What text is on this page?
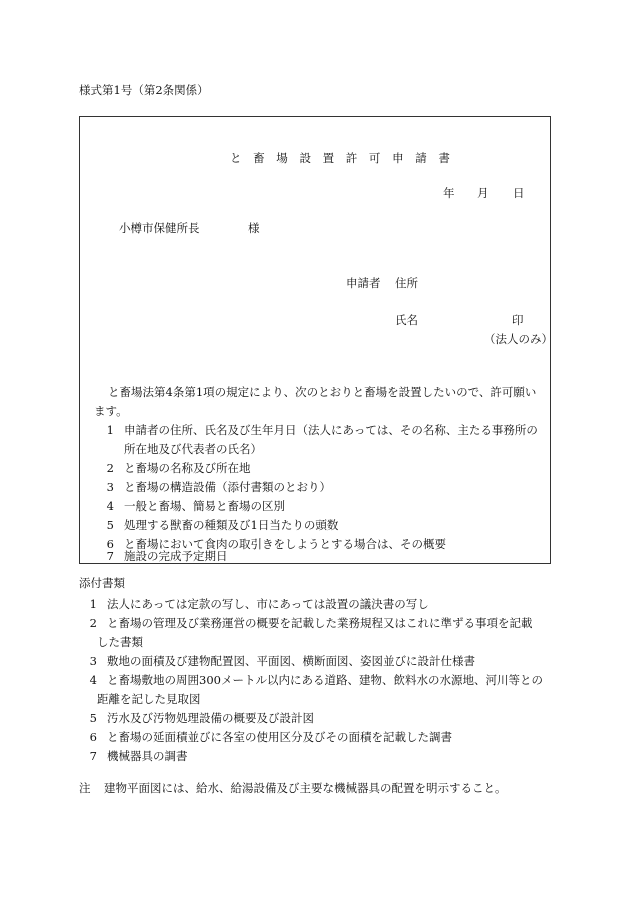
様式第1号（第2条関係）
と 畜 場 設 置 許 可 申 請 書
年 月 日
小樽市保健所長	様
申請者 住所
氏名	印
（法人のみ）
と畜場法第4条第1項の規定により、次のとおりと畜場を設置したいので、許可願い
ます。
1 申請者の住所、氏名及び生年月日（法人にあっては、その名称、主たる事務所の
所在地及び代表者の氏名）
2 と畜場の名称及び所在地
3 と畜場の構造設備（添付書類のとおり）
4 一般と畜場、簡易と畜場の区別
5 処理する獣畜の種類及び1日当たりの頭数
6 と畜場において食肉の取引きをしようとする場合は、その概要
7 施設の完成予定期日
添付書類
1 法人にあっては定款の写し、市にあっては設置の議決書の写し
2 と畜場の管理及び業務運営の概要を記載した業務規程又はこれに準ずる事項を記載
した書類
3 敷地の面積及び建物配置図、平面図、横断面図、姿図並びに設計仕様書
4 と畜場敷地の周囲300メートル以内にある道路、建物、飲料水の水源地、河川等との
距離を記した見取図
5 汚水及び汚物処理設備の概要及び設計図
6 と畜場の延面積並びに各室の使用区分及びその面積を記載した調書
7 機械器具の調書
注 建物平面図には、給水、給湯設備及び主要な機械器具の配置を明示すること。
